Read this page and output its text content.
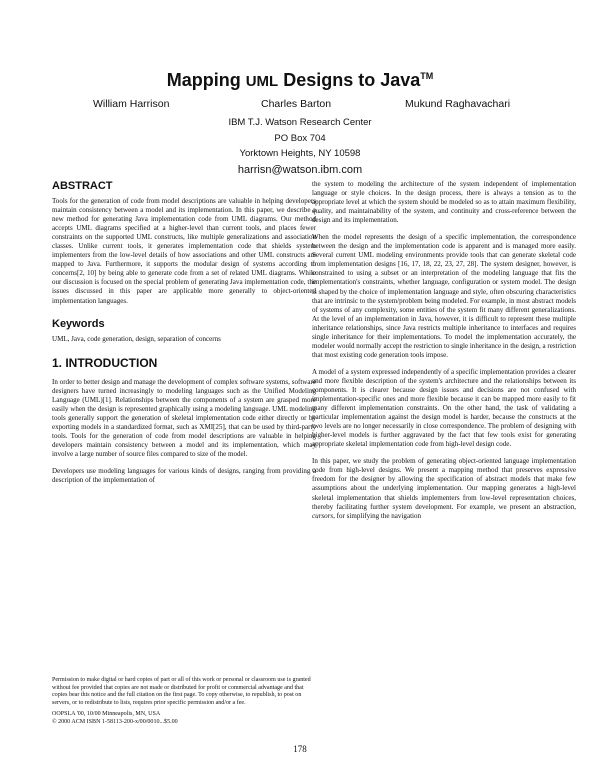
Mapping UML Designs to Java™
William Harrison	Charles Barton	Mukund Raghavachari
IBM T.J. Watson Research Center
PO Box 704
Yorktown Heights, NY 10598
harrisn@watson.ibm.com
ABSTRACT

Tools for the generation of code from model descriptions are valuable in helping developers maintain consistency between a model and its implementation. In this paper, we describe a new method for generating Java implementation code from UML diagrams. Our method accepts UML diagrams specified at a higher-level than current tools, and places fewer constraints on the supported UML constructs, like multiple generalizations and association classes. Unlike current tools, it generates implementation code that shields system implementers from the low-level details of how associations and other UML constructs are mapped to Java. Furthermore, it supports the modular design of systems according to concerns[2, 10] by being able to generate code from a set of related UML diagrams. While our discussion is focused on the special problem of generating Java implementation code, the issues discussed in this paper are applicable more generally to object-oriented implementation languages.

Keywords

UML, Java, code generation, design, separation of concerns

1. INTRODUCTION

In order to better design and manage the development of complex software systems, software designers have turned increasingly to modeling languages such as the Unified Modeling Language (UML)[1]. Relationships between the components of a system are grasped more easily when the design is represented graphically using a modeling language. UML modeling tools generally support the generation of skeletal implementation code either directly or by exporting models in a standardized format, such as XMI[25], that can be used by third-party tools. Tools for the generation of code from model descriptions are valuable in helping developers maintain consistency between a model and its implementation, which may involve a large number of source files compared to size of the model.

Developers use modeling languages for various kinds of designs, ranging from providing a description of the implementation of

Permission to make digital or hard copies of part or all of this work or personal or classroom use is granted without fee provided that copies are not made or distributed for profit or commercial advantage and that copies bear this notice and the full citation on the first page. To copy otherwise, to republish, to post on servers, or to redistribute to lists, requires prior specific permission and/or a fee.

OOPSLA '00, 10/00 Minneapolis, MN, USA

© 2000 ACM ISBN 1-58113-200-x/00/0010...$5.00

the system to modeling the architecture of the system independent of implementation language or style choices. In the design process, there is always a tension as to the appropriate level at which the system should be modeled so as to attain maximum flexibility, quality, and maintainability of the system, and continuity and cross-reference between the design and its implementation.

When the model represents the design of a specific implementation, the correspondence between the design and the implementation code is apparent and is managed more easily. Several current UML modeling environments provide tools that can generate skeletal code from implementation designs [16, 17, 18, 22, 23, 27, 28]. The system designer, however, is constrained to using a subset or an interpretation of the modeling language that fits the implementation's constraints, whether language, configuration or system model. The design is shaped by the choice of implementation language and style, often obscuring characteristics that are intrinsic to the system/problem being modeled. For example, in most abstract models of systems of any complexity, some entities of the system fit many different generalizations. At the level of an implementation in Java, however, it is difficult to represent these multiple inheritance relationships, since Java restricts multiple inheritance to interfaces and requires single inheritance for their implementations. To model the implementation accurately, the modeler would normally accept the restriction to single inheritance in the design, a restriction that most existing code generation tools impose.

A model of a system expressed independently of a specific implementation provides a clearer and more flexible description of the system's architecture and the relationships between its components. It is clearer because design issues and decisions are not confused with implementation-specific ones and more flexible because it can be mapped more easily to fit many different implementation constraints. On the other hand, the task of validating a particular implementation against the design model is harder, because the constructs at the two levels are no longer necessarily in close correspondence. The problem of designing with higher-level models is further aggravated by the fact that few tools exist for generating appropriate skeletal implementation code from high-level design code.

In this paper, we study the problem of generating object-oriented language implementation code from high-level designs. We present a mapping method that preserves expressive freedom for the designer by allowing the specification of abstract models that make few assumptions about the underlying implementation. Our mapping generates a high-level skeletal implementation that shields implementers from low-level representation choices, thereby facilitating further system development. For example, we present an abstraction, cursors, for simplifying the navigation

178
